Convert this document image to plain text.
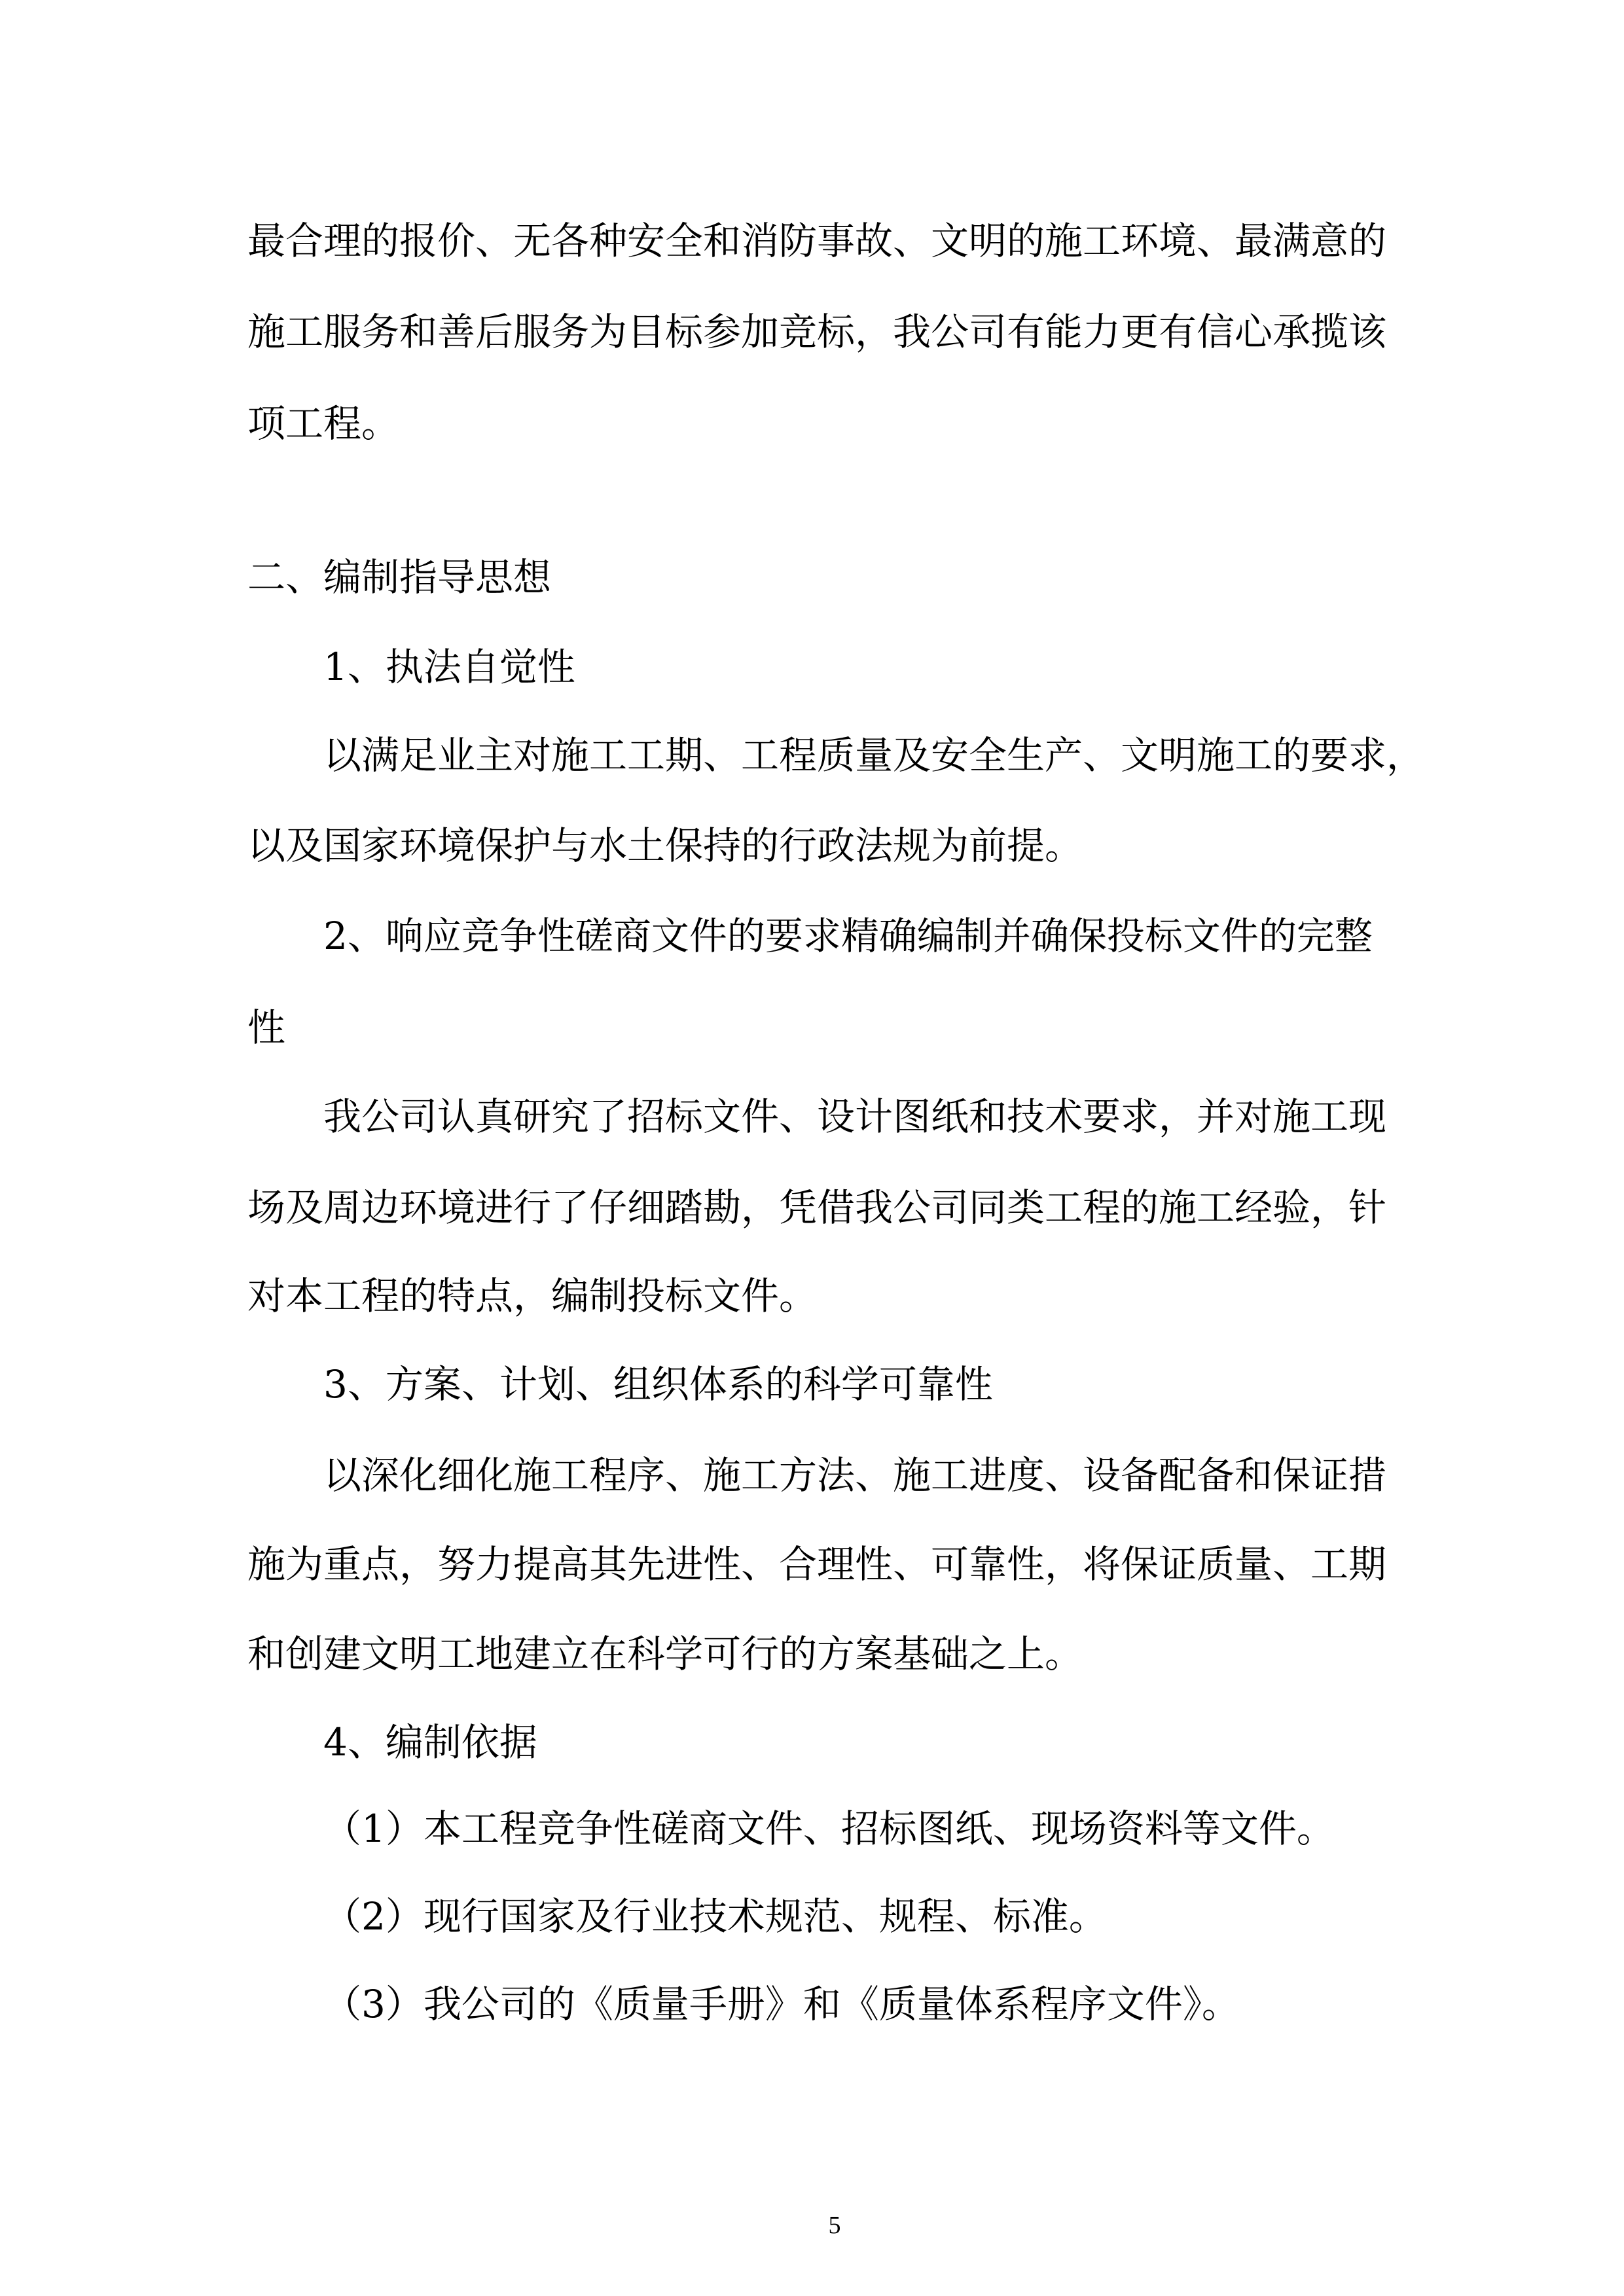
最合理的报价、无各种安全和消防事故、文明的施工环境、最满意的
施工服务和善后服务为目标参加竞标，我公司有能力更有信心承揽该
项工程。
二、编制指导思想
1、执法自觉性
以满足业主对施工工期、工程质量及安全生产、文明施工的要求，
以及国家环境保护与水土保持的行政法规为前提。
2、响应竞争性磋商文件的要求精确编制并确保投标文件的完整
性
我公司认真研究了招标文件、设计图纸和技术要求，并对施工现
场及周边环境进行了仔细踏勘，凭借我公司同类工程的施工经验，针
对本工程的特点，编制投标文件。
3、方案、计划、组织体系的科学可靠性
以深化细化施工程序、施工方法、施工进度、设备配备和保证措
施为重点，努力提高其先进性、合理性、可靠性，将保证质量、工期
和创建文明工地建立在科学可行的方案基础之上。
4、编制依据
（1）本工程竞争性磋商文件、招标图纸、现场资料等文件。
（2）现行国家及行业技术规范、规程、标准。
（3）我公司的《质量手册》和《质量体系程序文件》。
5
